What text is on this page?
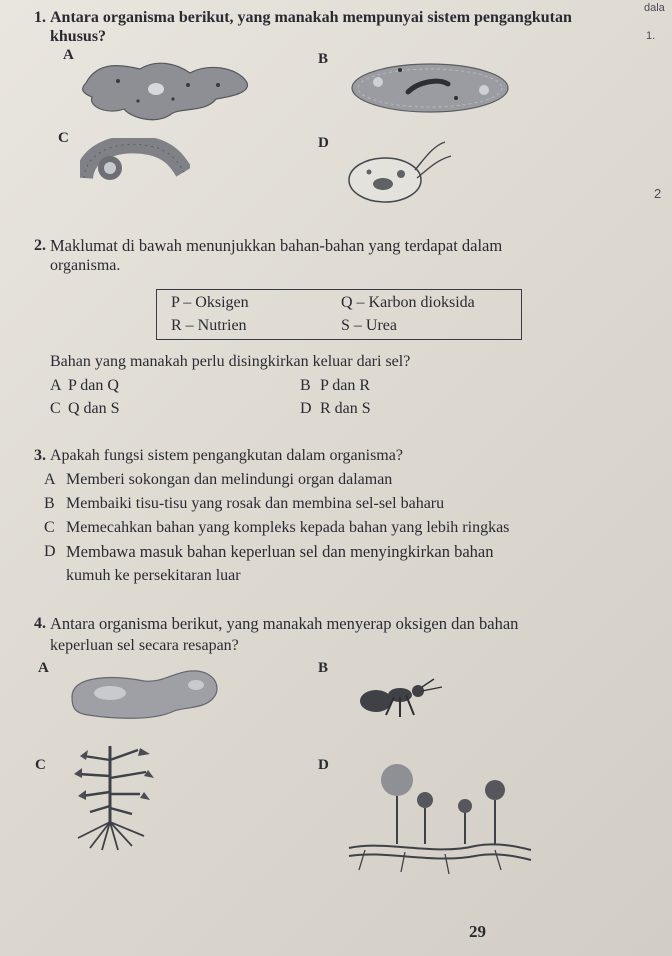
dala
1.
2
1. Antara organisma berikut, yang manakah mempunyai sistem pengangkutan
khusus?
A	B
C	D
2. Maklumat di bawah menunjukkan bahan-bahan yang terdapat dalam
organisma.
P – Oksigen	Q – Karbon dioksida
R – Nutrien	S – Urea
Bahan yang manakah perlu disingkirkan keluar dari sel?
A P dan Q	B P dan R
C Q dan S	D R dan S
3. Apakah fungsi sistem pengangkutan dalam organisma?
A Memberi sokongan dan melindungi organ dalaman
B Membaiki tisu-tisu yang rosak dan membina sel-sel baharu
C Memecahkan bahan yang kompleks kepada bahan yang lebih ringkas
D Membawa masuk bahan keperluan sel dan menyingkirkan bahan
kumuh ke persekitaran luar
4. Antara organisma berikut, yang manakah menyerap oksigen dan bahan
keperluan sel secara resapan?
A	B
C	D
29
